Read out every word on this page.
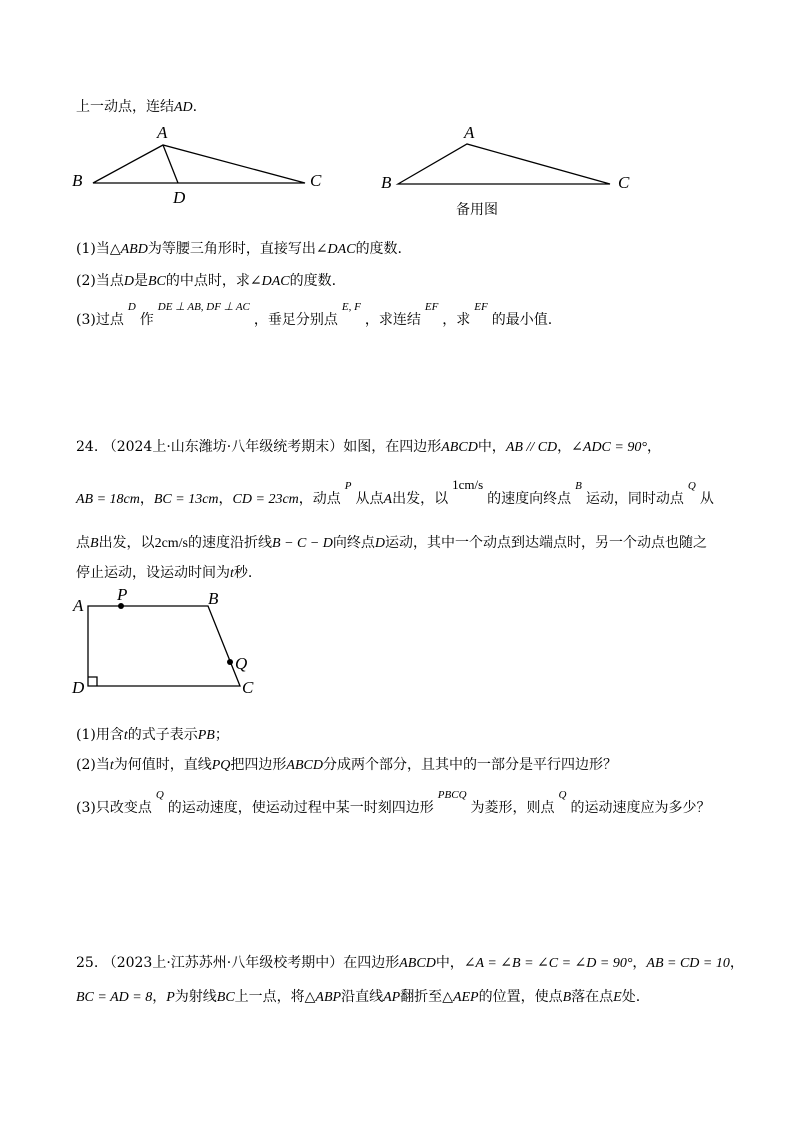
上一动点，连结AD.
A
B	C
D
A
B	C
备用图
(1)当△ABD为等腰三角形时，直接写出∠DAC的度数.
(2)当点D是BC的中点时，求∠DAC的度数.
(3)过点$^D$作$^{DE \perp AB, DF \perp AC}$，垂足分别点$^{E, F}$，求连结$^{EF}$，求$^{EF}$的最小值.
24. （2024上·山东潍坊·八年级统考期末）如图，在四边形ABCD中，AB // CD，∠ADC = 90°，
AB = 18cm，BC = 13cm，CD = 23cm，动点$^P$从点A出发，以1cm/s的速度向终点$^B$运动，同时动点$^Q$从
点B出发，以2cm/s的速度沿折线B − C − D向终点D运动，其中一个动点到达端点时，另一个动点也随之
停止运动，设运动时间为t秒.
A
P	B
Q
D	C
(1)用含t的式子表示PB；
(2)当t为何值时，直线PQ把四边形ABCD分成两个部分，且其中的一部分是平行四边形？
(3)只改变点$^Q$的运动速度，使运动过程中某一时刻四边形$^{PBCQ}$为菱形，则点$^Q$的运动速度应为多少？
25. （2023上·江苏苏州·八年级校考期中）在四边形ABCD中，∠A = ∠B = ∠C = ∠D = 90°，AB = CD = 10，
BC = AD = 8，P为射线BC上一点，将△ABP沿直线AP翻折至△AEP的位置，使点B落在点E处.
